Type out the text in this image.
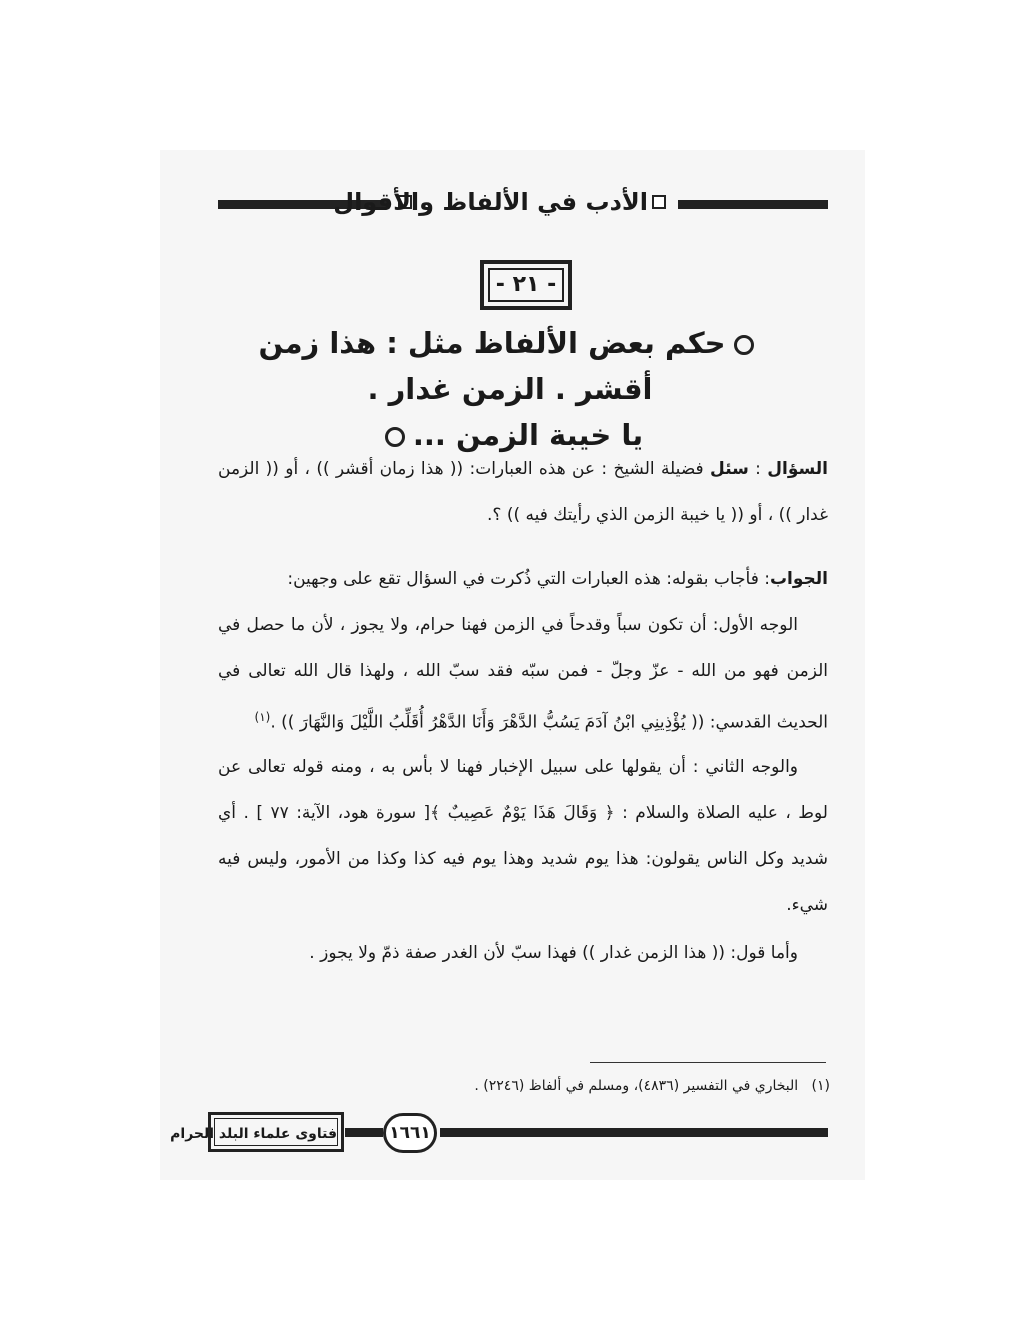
الأدب في الألفاظ والأقوال
- ٢١ -
حكم بعض الألفاظ مثل : هذا زمن أقشر . الزمن غدار .
يا خيبة الزمن ...
السؤال : سئل فضيلة الشيخ : عن هذه العبارات: (( هذا زمان أقشر )) ، أو (( الزمن غدار )) ، أو (( يا خيبة الزمن الذي رأيتك فيه )) ؟.
الجواب: فأجاب بقوله: هذه العبارات التي ذُكرت في السؤال تقع على وجهين:
الوجه الأول: أن تكون سباً وقدحاً في الزمن فهنا حرام، ولا يجوز ، لأن ما حصل في الزمن فهو من الله - عزّ وجلّ - فمن سبّه فقد سبّ الله ، ولهذا قال الله تعالى في الحديث القدسي: (( يُؤْذِينِي ابْنُ آدَمَ يَسُبُّ الدَّهْرَ وَأَنَا الدَّهْرُ أُقَلِّبُ اللَّيْلَ وَالنَّهَارَ )) .$^{(١)}$
والوجه الثاني : أن يقولها على سبيل الإخبار فهنا لا بأس به ، ومنه قوله تعالى عن لوط ، عليه الصلاة والسلام : ﴿ وَقَالَ هَذَا يَوْمٌ عَصِيبٌ ﴾[ سورة هود، الآية: ٧٧ ] . أي شديد وكل الناس يقولون: هذا يوم شديد وهذا يوم فيه كذا وكذا من الأمور، وليس فيه شيء.
وأما قول: (( هذا الزمن غدار )) فهذا سبّ لأن الغدر صفة ذمّ ولا يجوز .
(١)   البخاري في التفسير (٤٨٣٦)، ومسلم في ألفاظ (٢٢٤٦) .
١٦٦١
فتاوى علماء البلد الحرام
